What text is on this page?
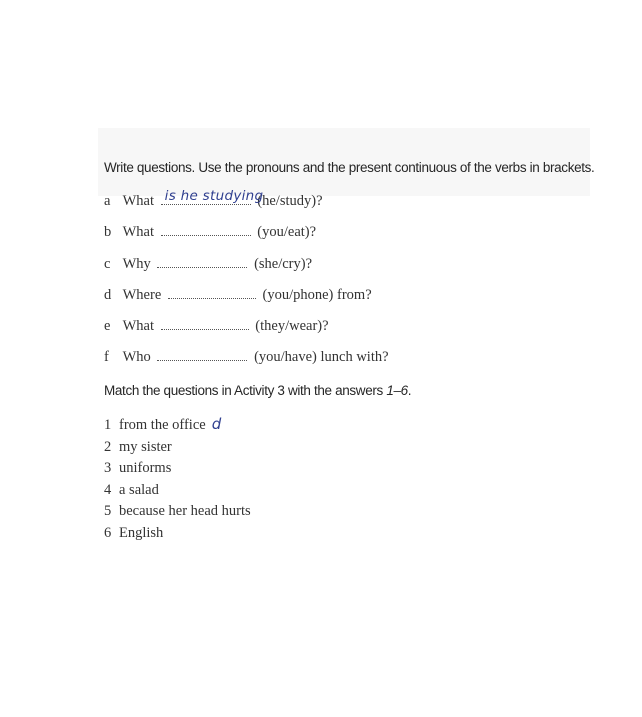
Write questions. Use the pronouns and the present continuous of the verbs in brackets.
a What is he studying
(he/study)?
b What	(you/eat)?
c Why	(she/cry)?
d Where	(you/phone) from?
e What	(they/wear)?
f Who	(you/have) lunch with?
Match the questions in Activity 3 with the answers 1–6.
1 from the office d
2 my sister
3 uniforms
4 a salad
5 because her head hurts
6 English
